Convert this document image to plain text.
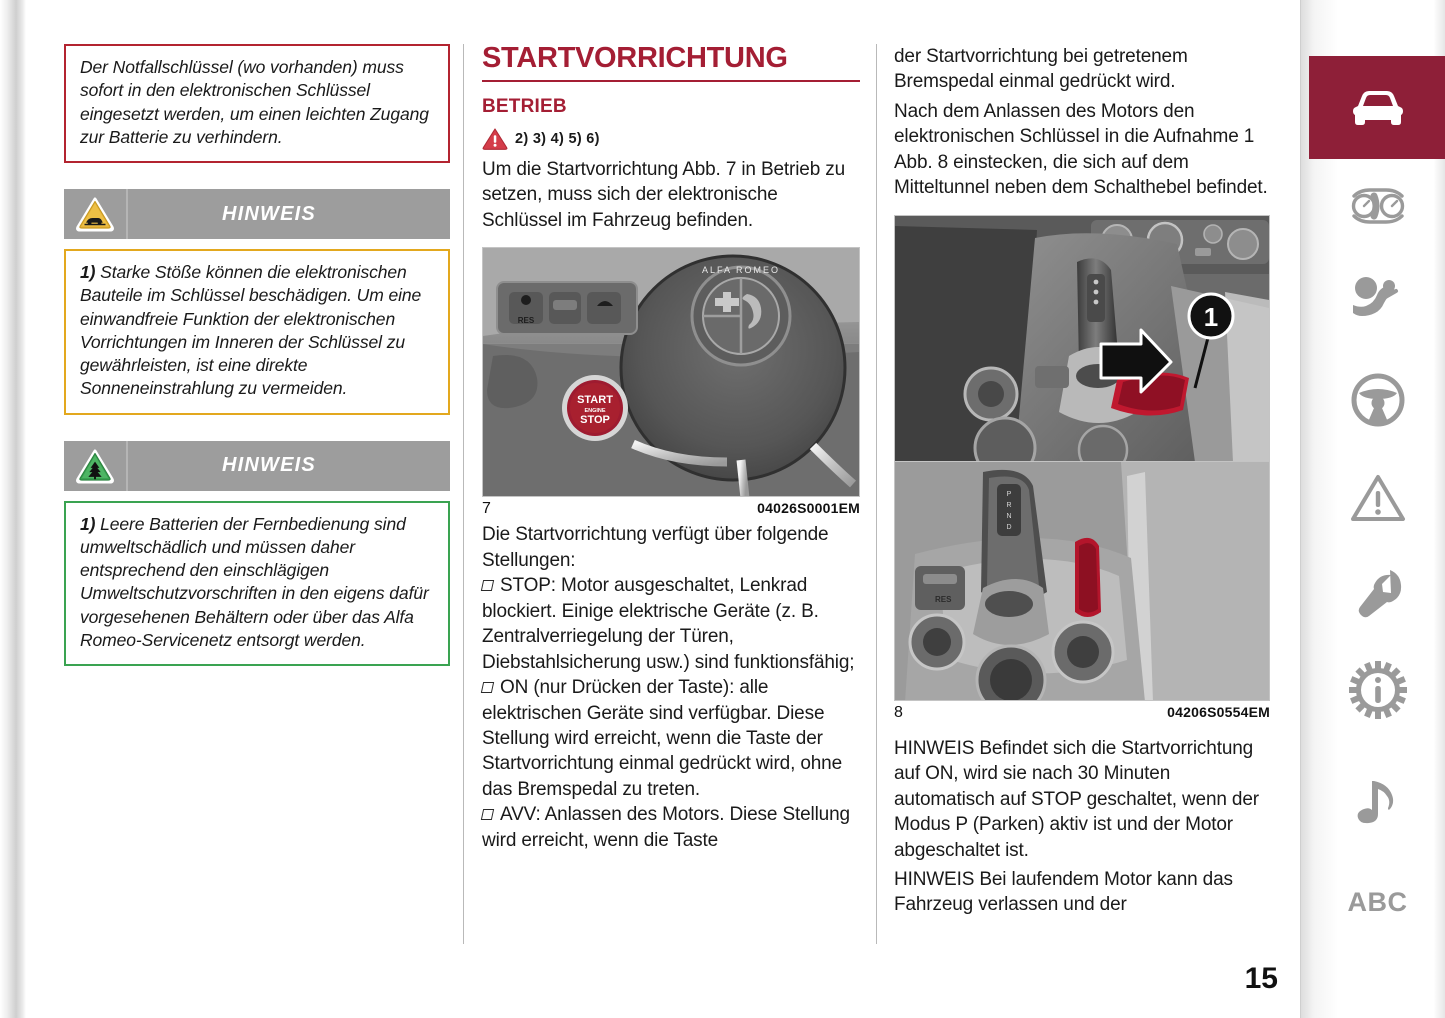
Der Notfallschlüssel (wo vorhanden) muss sofort in den elektronischen Schlüssel eingesetzt werden, um einen leichten Zugang zur Batterie zu verhindern.

HINWEIS

1) Starke Stöße können die elektronischen Bauteile im Schlüssel beschädigen. Um eine einwandfreie Funktion der elektronischen Vorrichtungen im Inneren der Schlüssel zu gewährleisten, ist eine direkte Sonneneinstrahlung zu vermeiden.

HINWEIS

1) Leere Batterien der Fernbedienung sind umweltschädlich und müssen daher entsprechend den einschlägigen Umweltschutzvorschriften in den eigens dafür vorgesehenen Behältern oder über das Alfa Romeo-Servicenetz entsorgt werden.

STARTVORRICHTUNG
BETRIEB
2) 3) 4) 5) 6)

Um die Startvorrichtung Abb. 7 in Betrieb zu setzen, muss sich der elektronische Schlüssel im Fahrzeug befinden.

ALFA ROMEO
RES
START
ENGINE
STOP
7	04026S0001EM

Die Startvorrichtung verfügt über folgende Stellungen:

STOP: Motor ausgeschaltet, Lenkrad blockiert. Einige elektrische Geräte (z. B. Zentralverriegelung der Türen, Diebstahlsicherung usw.) sind funktionsfähig;

ON (nur Drücken der Taste): alle elektrischen Geräte sind verfügbar. Diese Stellung wird erreicht, wenn die Taste der Startvorrichtung einmal gedrückt wird, ohne das Bremspedal zu treten.

AVV: Anlassen des Motors. Diese Stellung wird erreicht, wenn die Taste

der Startvorrichtung bei getretenem Bremspedal einmal gedrückt wird.

Nach dem Anlassen des Motors den elektronischen Schlüssel in die Aufnahme 1 Abb. 8 einstecken, die sich auf dem Mitteltunnel neben dem Schalthebel befindet.

1
P
R
N
D
RES
8	04206S0554EM

HINWEIS Befindet sich die Startvorrichtung auf ON, wird sie nach 30 Minuten automatisch auf STOP geschaltet, wenn der Modus P (Parken) aktiv ist und der Motor abgeschaltet ist.

HINWEIS Bei laufendem Motor kann das Fahrzeug verlassen und der	ABC
15
